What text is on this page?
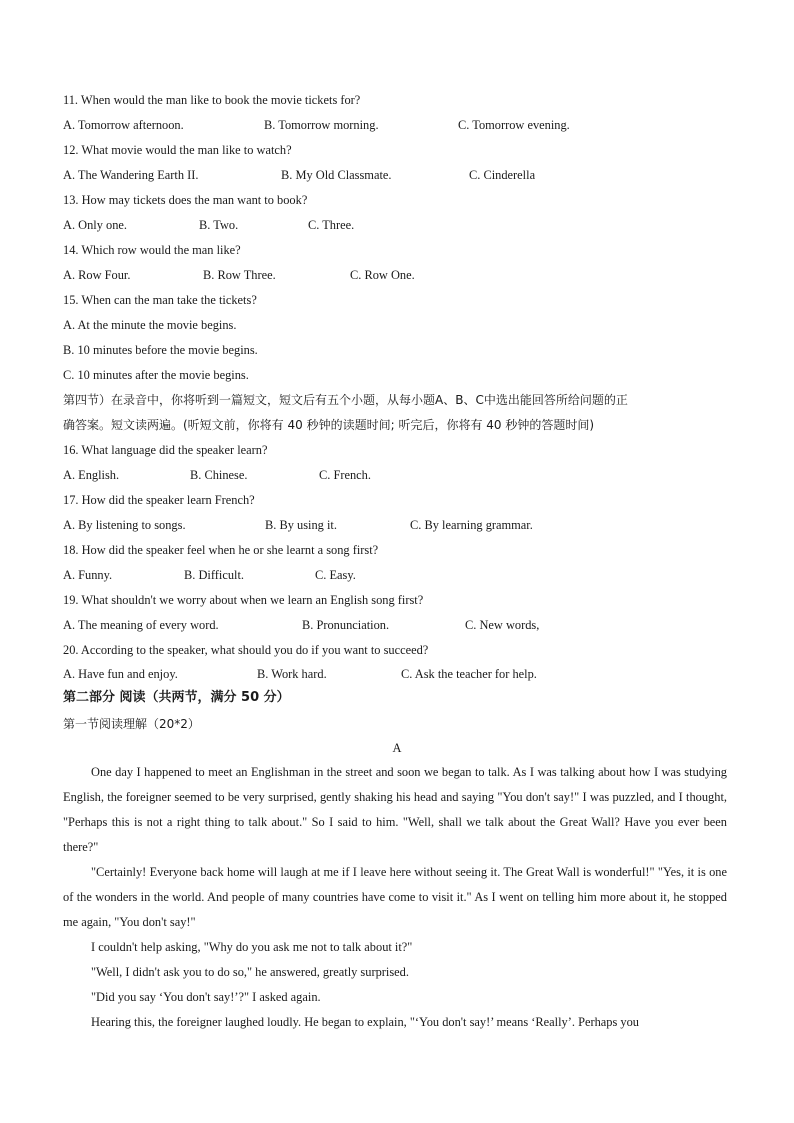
11. When would the man like to book the movie tickets for?
A. Tomorrow afternoon.	B. Tomorrow morning.	C. Tomorrow evening.
12. What movie would the man like to watch?
A. The Wandering Earth II.	B. My Old Classmate.	C. Cinderella
13. How may tickets does the man want to book?
A. Only one.	B. Two.	C. Three.
14. Which row would the man like?
A. Row Four.	B. Row Three.	C. Row One.
15. When can the man take the tickets?
A. At the minute the movie begins.
B. 10 minutes before the movie begins.
C. 10 minutes after the movie begins.
第四节）在录音中，你将听到一篇短文，短文后有五个小题，从每小题A、B、C中选出能回答所给问题的正
确答案。短文读两遍。(听短文前，你将有 40 秒钟的读题时间; 听完后，你将有 40 秒钟的答题时间)
16. What language did the speaker learn?
A. English.	B. Chinese.	C. French.
17. How did the speaker learn French?
A. By listening to songs.	B. By using it.	C. By learning grammar.
18. How did the speaker feel when he or she learnt a song first?
A. Funny.	B. Difficult.	C. Easy.
19. What shouldn't we worry about when we learn an English song first?
A. The meaning of every word.	B. Pronunciation.	C. New words,
20. According to the speaker, what should you do if you want to succeed?
A. Have fun and enjoy.	B. Work hard.	C. Ask the teacher for help.
第二部分 阅读（共两节，满分 50 分）
第一节阅读理解（20*2）
A

One day I happened to meet an Englishman in the street and soon we began to talk. As I was talking about how I was studying English, the foreigner seemed to be very surprised, gently shaking his head and saying "You don't say!" I was puzzled, and I thought, "Perhaps this is not a right thing to talk about." So I said to him. "Well, shall we talk about the Great Wall? Have you ever been there?"

"Certainly! Everyone back home will laugh at me if I leave here without seeing it. The Great Wall is wonderful!" "Yes, it is one of the wonders in the world. And people of many countries have come to visit it." As I went on telling him more about it, he stopped me again, "You don't say!"

I couldn't help asking, "Why do you ask me not to talk about it?"

"Well, I didn't ask you to do so," he answered, greatly surprised.

"Did you say ‘You don't say!’?" I asked again.

Hearing this, the foreigner laughed loudly. He began to explain, "‘You don't say!’ means ‘Really’. Perhaps you
